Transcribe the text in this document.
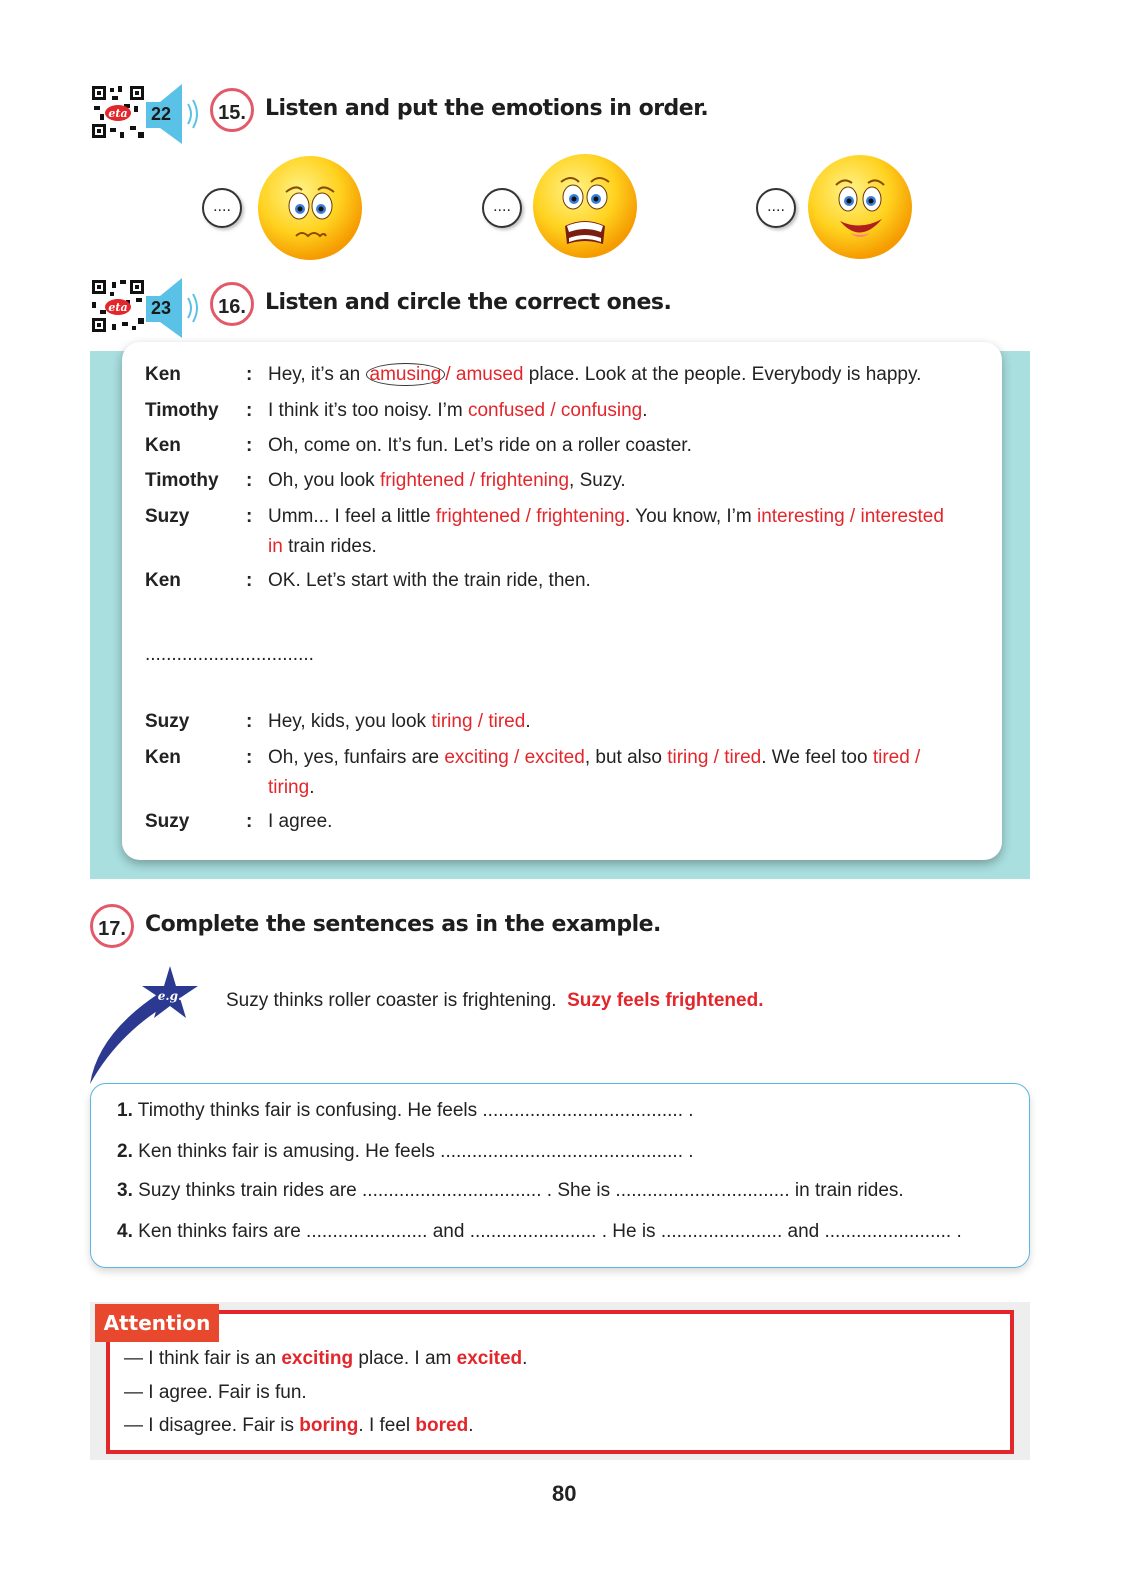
eta 22	15. Listen and put the emotions in order.
....	....	....
eta 23	16. Listen and circle the correct ones.
Ken	: Hey, it’s an amusing / amused place. Look at the people. Everybody is happy.
Timothy : I think it’s too noisy. I’m confused / confusing.
Ken	: Oh, come on. It’s fun. Let’s ride on a roller coaster.
Timothy : Oh, you look frightened / frightening, Suzy.
Suzy	: Umm... I feel a little frightened / frightening. You know, I’m interesting / interested
in train rides.
Ken	: OK. Let’s start with the train ride, then.
................................
Suzy	: Hey, kids, you look tiring / tired.
Ken	: Oh, yes, funfairs are exciting / excited, but also tiring / tired. We feel too tired /
tiring.
Suzy	: I agree.
17. Complete the sentences as in the example.
e.g. Suzy thinks roller coaster is frightening. Suzy feels frightened.
1. Timothy thinks fair is confusing. He feels ...................................... .
2. Ken thinks fair is amusing. He feels .............................................. .
3. Suzy thinks train rides are .................................. . She is ................................. in train rides.
4. Ken thinks fairs are ....................... and ........................ . He is ....................... and ........................ .
Attention
— I think fair is an exciting place. I am excited.
— I agree. Fair is fun.
— I disagree. Fair is boring. I feel bored.
80
